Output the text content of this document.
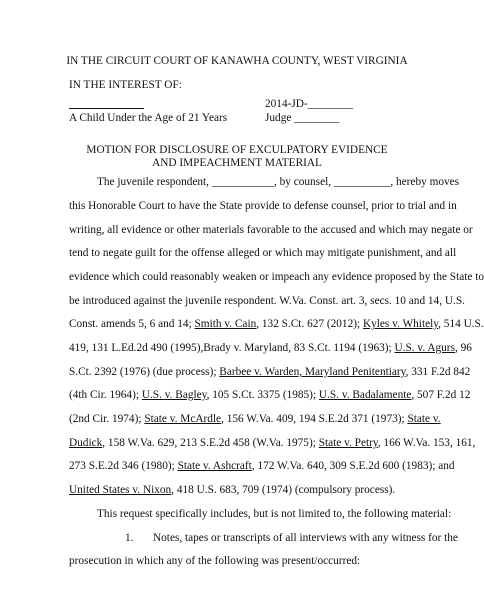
IN THE CIRCUIT COURT OF KANAWHA COUNTY, WEST VIRGINIA
IN THE INTEREST OF:
2014-JD-________
A Child Under the Age of 21 Years	Judge ________
MOTION FOR DISCLOSURE OF EXCULPATORY EVIDENCE
AND IMPEACHMENT MATERIAL
The juvenile respondent, ___________, by counsel, __________, hereby moves
this Honorable Court to have the State provide to defense counsel, prior to trial and in
writing, all evidence or other materials favorable to the accused and which may negate or
tend to negate guilt for the offense alleged or which may mitigate punishment, and all
evidence which could reasonably weaken or impeach any evidence proposed by the State to
be introduced against the juvenile respondent. W.Va. Const. art. 3, secs. 10 and 14, U.S.
Const. amends 5, 6 and 14; Smith v. Cain, 132 S.Ct. 627 (2012); Kyles v. Whitely, 514 U.S.
419, 131 L.Ed.2d 490 (1995),Brady v. Maryland, 83 S.Ct. 1194 (1963); U.S. v. Agurs, 96
S.Ct. 2392 (1976) (due process); Barbee v. Warden, Maryland Penitentiary, 331 F.2d 842
(4th Cir. 1964); U.S. v. Bagley, 105 S.Ct. 3375 (1985); U.S. v. Badalamente, 507 F.2d 12
(2nd Cir. 1974); State v. McArdle, 156 W.Va. 409, 194 S.E.2d 371 (1973); State v.
Dudick, 158 W.Va. 629, 213 S.E.2d 458 (W.Va. 1975); State v. Petry, 166 W.Va. 153, 161,
273 S.E.2d 346 (1980); State v. Ashcraft, 172 W.Va. 640, 309 S.E.2d 600 (1983); and
United States v. Nixon, 418 U.S. 683, 709 (1974) (compulsory process).
This request specifically includes, but is not limited to, the following material:
1. Notes, tapes or transcripts of all interviews with any witness for the
prosecution in which any of the following was present/occurred:
